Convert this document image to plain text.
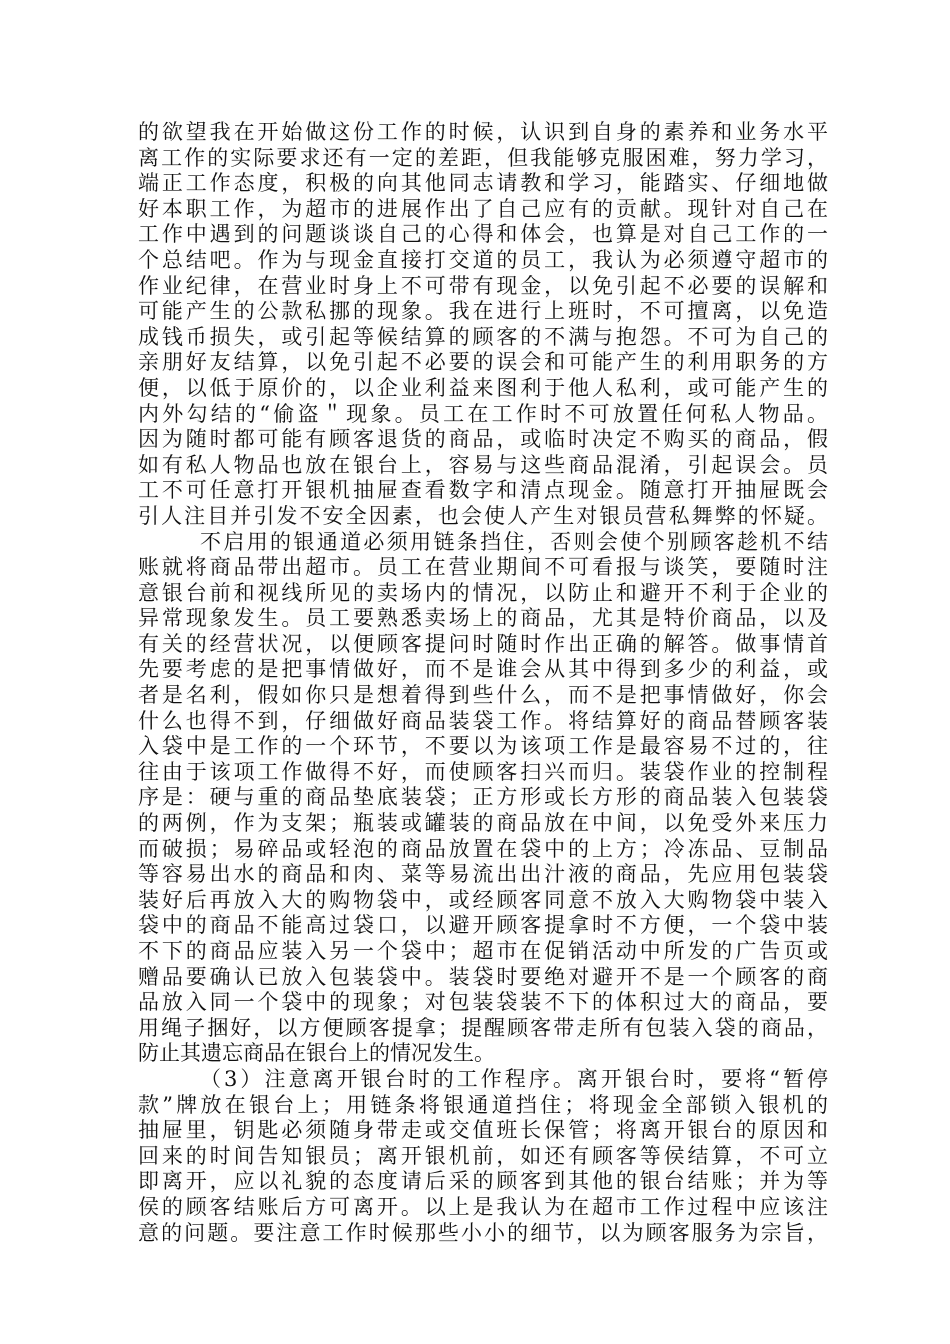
的欲望我在开始做这份工作的时候，认识到自身的素养和业务水平
离工作的实际要求还有一定的差距，但我能够克服困难，努力学习，
端正工作态度，积极的向其他同志请教和学习，能踏实、仔细地做
好本职工作，为超市的进展作出了自己应有的贡献。现针对自己在
工作中遇到的问题谈谈自己的心得和体会，也算是对自己工作的一
个总结吧。作为与现金直接打交道的员工，我认为必须遵守超市的
作业纪律，在营业时身上不可带有现金，以免引起不必要的误解和
可能产生的公款私挪的现象。我在进行上班时，不可擅离，以免造
成钱币损失，或引起等候结算的顾客的不满与抱怨。不可为自己的
亲朋好友结算，以免引起不必要的误会和可能产生的利用职务的方
便，以低于原价的，以企业利益来图利于他人私利，或可能产生的
内外勾结的“偷盗＂现象。员工在工作时不可放置任何私人物品。
因为随时都可能有顾客退货的商品，或临时决定不购买的商品，假
如有私人物品也放在银台上，容易与这些商品混淆，引起误会。员
工不可任意打开银机抽屉查看数字和清点现金。随意打开抽屉既会
引人注目并引发不安全因素，也会使人产生对银员营私舞弊的怀疑。
不启用的银通道必须用链条挡住，否则会使个别顾客趁机不结
账就将商品带出超市。员工在营业期间不可看报与谈笑，要随时注
意银台前和视线所见的卖场内的情况，以防止和避开不利于企业的
异常现象发生。员工要熟悉卖场上的商品，尤其是特价商品，以及
有关的经营状况，以便顾客提问时随时作出正确的解答。做事情首
先要考虑的是把事情做好，而不是谁会从其中得到多少的利益，或
者是名利，假如你只是想着得到些什么，而不是把事情做好，你会
什么也得不到，仔细做好商品装袋工作。将结算好的商品替顾客装
入袋中是工作的一个环节，不要以为该项工作是最容易不过的，往
往由于该项工作做得不好，而使顾客扫兴而归。装袋作业的控制程
序是：硬与重的商品垫底装袋；正方形或长方形的商品装入包装袋
的两例，作为支架；瓶装或罐装的商品放在中间，以免受外来压力
而破损；易碎品或轻泡的商品放置在袋中的上方；冷冻品、豆制品
等容易出水的商品和肉、菜等易流出出汁液的商品，先应用包装袋
装好后再放入大的购物袋中，或经顾客同意不放入大购物袋中装入
袋中的商品不能高过袋口，以避开顾客提拿时不方便，一个袋中装
不下的商品应装入另一个袋中；超市在促销活动中所发的广告页或
赠品要确认已放入包装袋中。装袋时要绝对避开不是一个顾客的商
品放入同一个袋中的现象；对包装袋装不下的体积过大的商品，要
用绳子捆好，以方便顾客提拿；提醒顾客带走所有包装入袋的商品，
防止其遗忘商品在银台上的情况发生。
（3）注意离开银台时的工作程序。离开银台时，要将“暂停
款”牌放在银台上；用链条将银通道挡住；将现金全部锁入银机的
抽屉里，钥匙必须随身带走或交值班长保管；将离开银台的原因和
回来的时间告知银员；离开银机前，如还有顾客等侯结算，不可立
即离开，应以礼貌的态度请后采的顾客到其他的银台结账；并为等
侯的顾客结账后方可离开。以上是我认为在超市工作过程中应该注
意的问题。要注意工作时候那些小小的细节，以为顾客服务为宗旨，
